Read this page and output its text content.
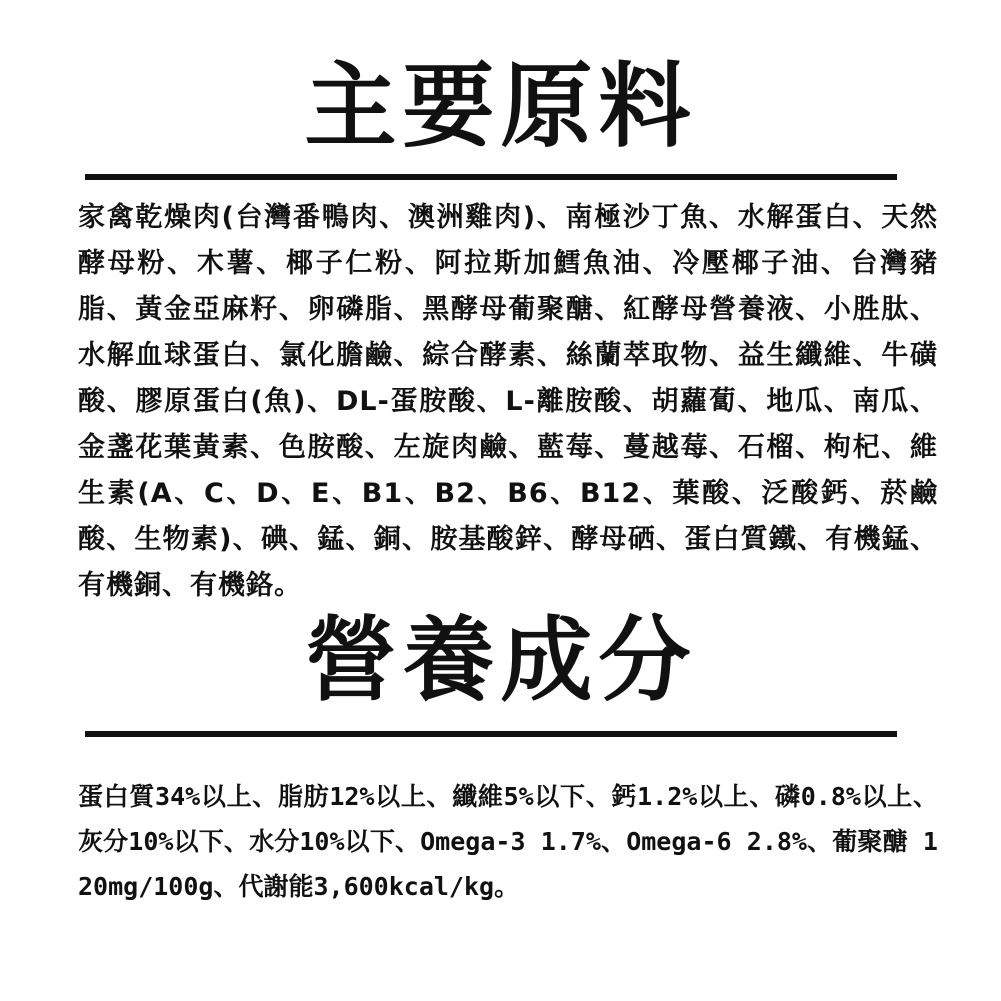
主要原料

家禽乾燥肉(台灣番鴨肉、澳洲雞肉)、南極沙丁魚、水解蛋白、天然酵母粉、木薯、椰子仁粉、阿拉斯加鱈魚油、冷壓椰子油、台灣豬脂、黃金亞麻籽、卵磷脂、黑酵母葡聚醣、紅酵母營養液、小胜肽、水解血球蛋白、氯化膽鹼、綜合酵素、絲蘭萃取物、益生纖維、牛磺酸、膠原蛋白(魚)、DL-蛋胺酸、L-離胺酸、胡蘿蔔、地瓜、南瓜、金盞花葉黃素、色胺酸、左旋肉鹼、藍莓、蔓越莓、石榴、枸杞、維生素(A、C、D、E、B1、B2、B6、B12、葉酸、泛酸鈣、菸鹼酸、生物素)、碘、錳、銅、胺基酸鋅、酵母硒、蛋白質鐵、有機錳、有機銅、有機鉻。

營養成分

蛋白質34%以上、脂肪12%以上、纖維5%以下、鈣1.2%以上、磷0.8%以上、灰分10%以下、水分10%以下、Omega-3 1.7%、Omega-6 2.8%、葡聚醣 120mg/100g、代謝能3,600kcal/kg。
